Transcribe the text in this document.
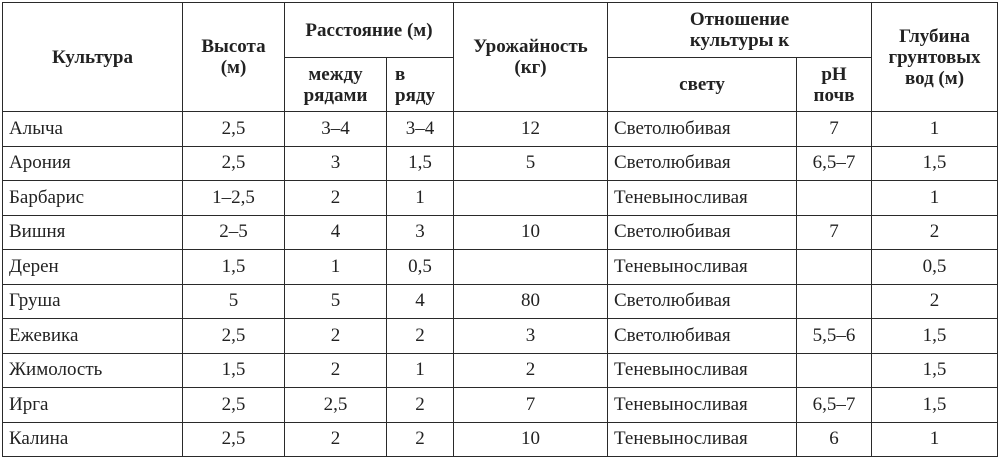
Культура	Высота (м)	Расстояние (м)		Урожайность (кг)	Отношение культуры к		Глубина грунтовых вод (м)

		между рядами	в ряду		свету	pH почв	

Алыча	2,5	3–4	3–4	12	Светолюбивая	7	1
Арония	2,5	3	1,5	5	Светолюбивая	6,5–7	1,5
Барбарис	1–2,5	2	1		Теневыносливая		1
Вишня	2–5	4	3	10	Светолюбивая	7	2
Дерен	1,5	1	0,5		Теневыносливая		0,5
Груша	5	5	4	80	Светолюбивая		2
Ежевика	2,5	2	2	3	Светолюбивая	5,5–6	1,5
Жимолость	1,5	2	1	2	Теневыносливая		1,5
Ирга	2,5	2,5	2	7	Теневыносливая	6,5–7	1,5
Калина	2,5	2	2	10	Теневыносливая	6	1
